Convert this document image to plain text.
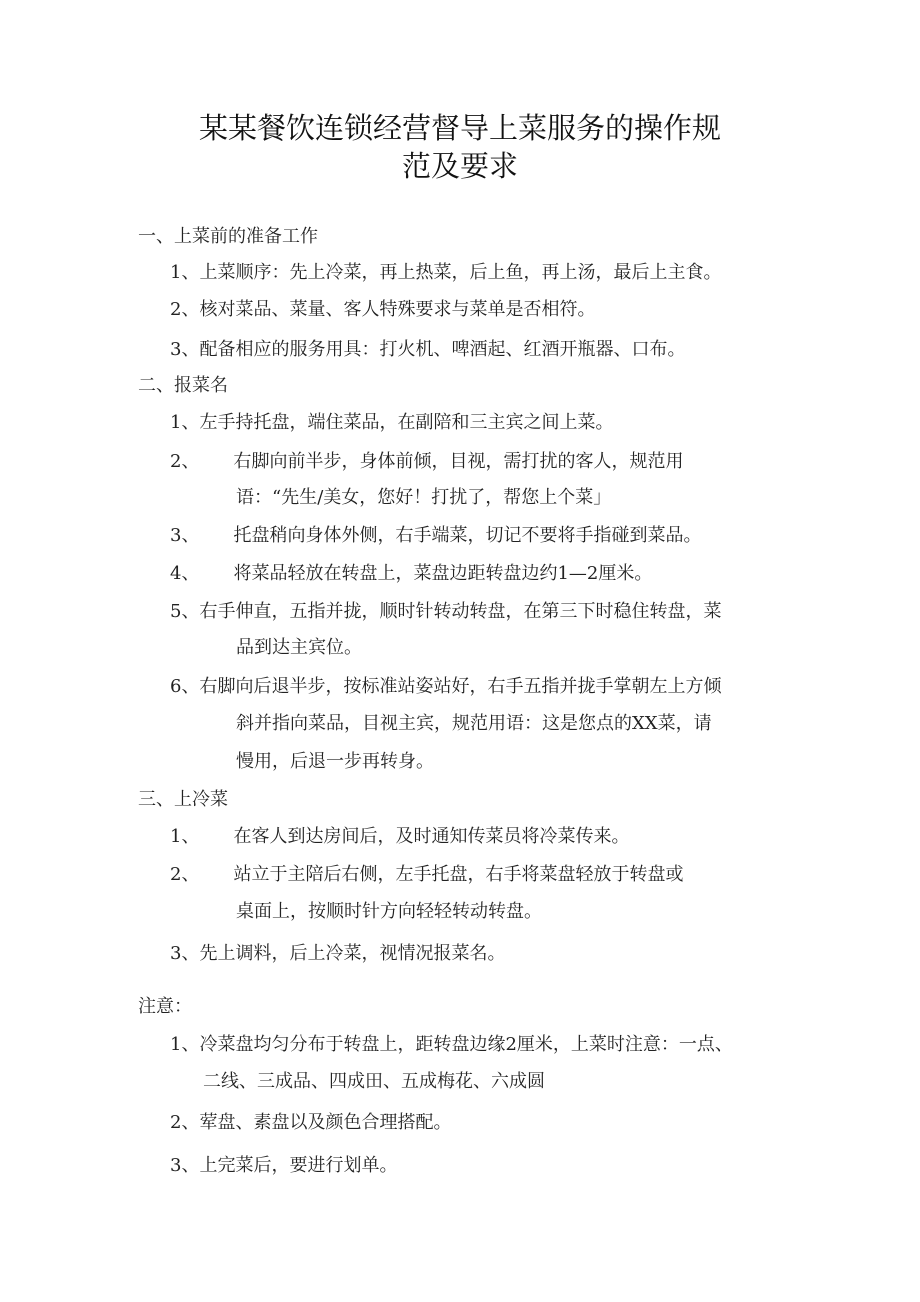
某某餐饮连锁经营督导上菜服务的操作规
范及要求
一、上菜前的准备工作
1、上菜顺序：先上冷菜，再上热菜，后上鱼，再上汤，最后上主食。
2、核对菜品、菜量、客人特殊要求与菜单是否相符。
3、配备相应的服务用具：打火机、啤酒起、红酒开瓶器、口布。
二、报菜名
1、左手持托盘，端住菜品，在副陪和三主宾之间上菜。
2、 右脚向前半步，身体前倾，目视，需打扰的客人，规范用
语：“先生/美女，您好！打扰了，帮您上个菜」
3、 托盘稍向身体外侧，右手端菜，切记不要将手指碰到菜品。
4、 将菜品轻放在转盘上，菜盘边距转盘边约1—2厘米。
5、右手伸直，五指并拢，顺时针转动转盘，在第三下时稳住转盘，菜
品到达主宾位。
6、右脚向后退半步，按标准站姿站好，右手五指并拢手掌朝左上方倾
斜并指向菜品，目视主宾，规范用语：这是您点的XX菜，请
慢用，后退一步再转身。
三、上冷菜
1、 在客人到达房间后，及时通知传菜员将冷菜传来。
2、 站立于主陪后右侧，左手托盘，右手将菜盘轻放于转盘或
桌面上，按顺时针方向轻轻转动转盘。
3、先上调料，后上冷菜，视情况报菜名。
注意：
1、冷菜盘均匀分布于转盘上，距转盘边缘2厘米，上菜时注意：一点、
二线、三成品、四成田、五成梅花、六成圆
2、荤盘、素盘以及颜色合理搭配。
3、上完菜后，要进行划单。
